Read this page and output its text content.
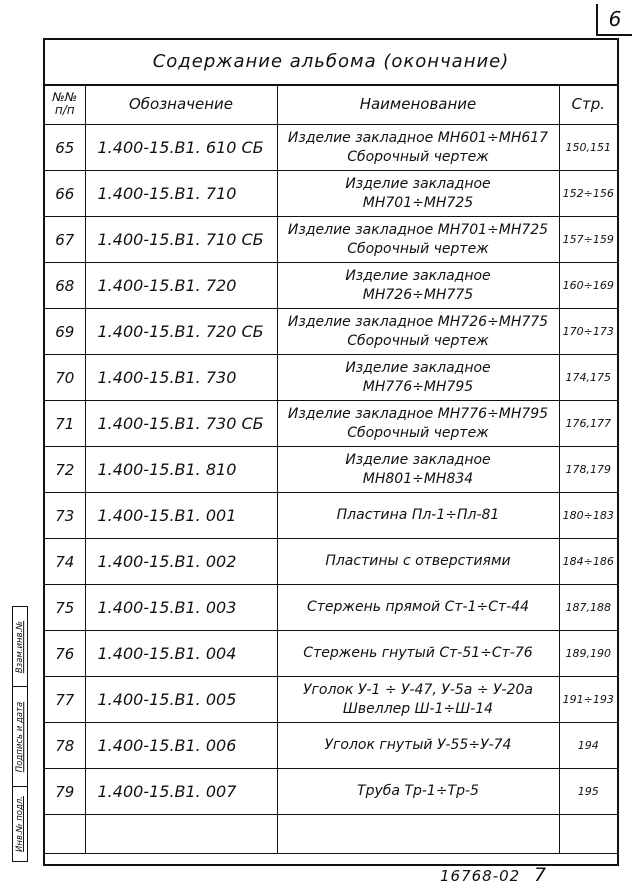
6
Содержание альбома (окончание)
№№ п/п	Обозначение	Наименование	Стр.
65	1.400-15.В1. 610 СБ	Изделие закладное МН601÷МН617
Сборочный чертеж	150,151
66	1.400-15.В1. 710	Изделие закладное
МН701÷МН725	152÷156
67	1.400-15.В1. 710 СБ	Изделие закладное МН701÷МН725
Сборочный чертеж	157÷159
68	1.400-15.В1. 720	Изделие закладное
МН726÷МН775	160÷169
69	1.400-15.В1. 720 СБ	Изделие закладное МН726÷МН775
Сборочный чертеж	170÷173
70	1.400-15.В1. 730	Изделие закладное
МН776÷МН795	174,175
71	1.400-15.В1. 730 СБ	Изделие закладное МН776÷МН795
Сборочный чертеж	176,177
72	1.400-15.В1. 810	Изделие закладное
МН801÷МН834	178,179
73	1.400-15.В1. 001	Пластина Пл-1÷Пл-81	180÷183
74	1.400-15.В1. 002	Пластины с отверстиями	184÷186
75	1.400-15.В1. 003	Стержень прямой Ст-1÷Ст-44	187,188
76	1.400-15.В1. 004	Стержень гнутый Ст-51÷Ст-76	189,190
77	1.400-15.В1. 005	Уголок У-1 ÷ У-47, У-5а ÷ У-20а
Швеллер Ш-1÷Ш-14	191÷193
78	1.400-15.В1. 006	Уголок гнутый У-55÷У-74	194
79	1.400-15.В1. 007	Труба Тр-1÷Тр-5	195

Взам.инв.№
Подпись и дата
Инв.№ подл.
16768-02 7
